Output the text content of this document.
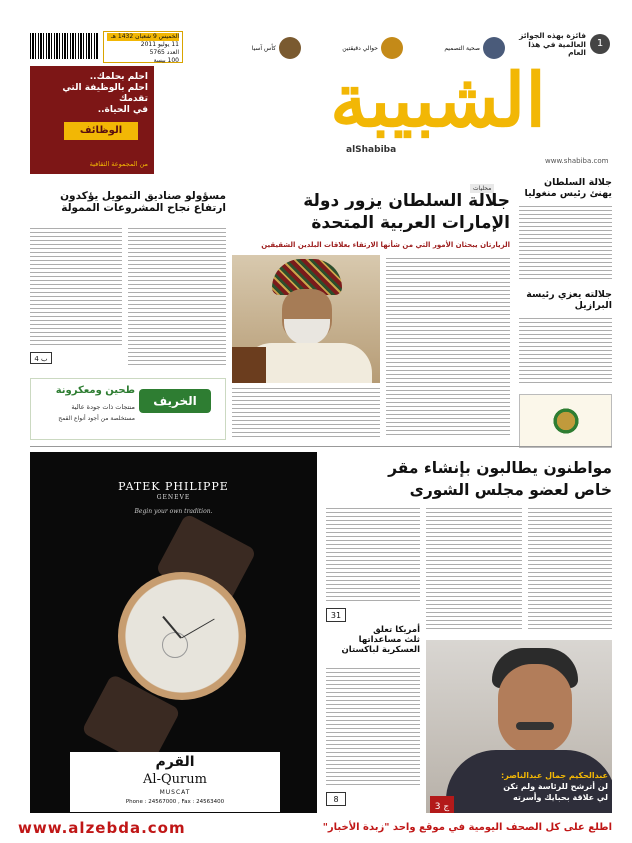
الخميس 9 شعبان 1432 هـ
11 يوليو 2011
العدد 5765
100 بيسة
صحية التصميم
حوالي دقيقتين
كأس آسيا	1
فائزة بهذه الجوائز العالمية في هذا العام
احلم بحلمك..
احلم بالوظيفة التي تقدمك
في الحياة..
الوظائف
من المجموعة الثقافية
الشبيبة
alShabiba
www.shabiba.com
جلالة السلطان يهنئ رئيس منغوليا
جلالته يعزي رئيسة البرازيل
محليات
جلالة السلطان يزور دولة
الإمارات العربية المتحدة
الزيارتان يبحثان الأمور التي من شأنها الارتقاء بعلاقات البلدين الشقيقين
مسؤولو صناديق التمويل يؤكدون ارتفاع نجاح المشروعات الممولة
ب 4
الخريف
طحين ومعكرونة
منتجات ذات جودة عالية
مستخلصة من أجود أنواع القمح
PATEK PHILIPPE
GENEVE
Begin your own tradition.
القرم
Al-Qurum
MUSCAT
Phone : 24567000 , Fax : 24563400
مواطنون يطالبون بإنشاء مقر
خاص لعضو مجلس الشورى
31
أمريكا تعلق
ثلث مساعداتها
العسكرية لباكستان
8
عبدالحكيم جمال عبدالناصر:
لن أترشح للرئاسة ولم تكن
لي علاقة بحبايك وأسرته
ج 3
www.alzebda.com	اطلع على كل الصحف اليومية في موقع واحد "زبدة الأخبار"
